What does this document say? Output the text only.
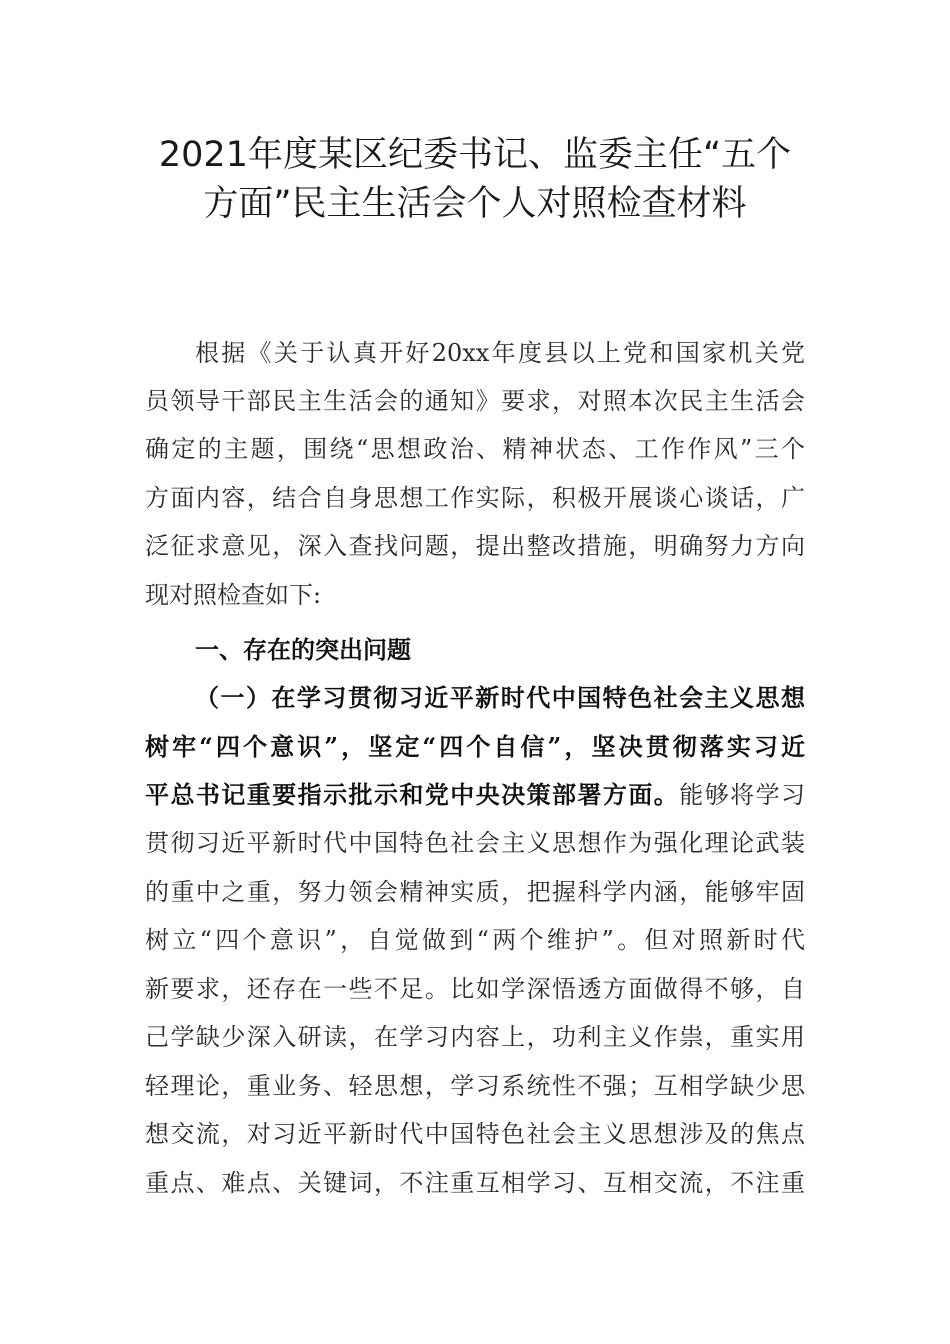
2021年度某区纪委书记、监委主任“五个
方面”民主生活会个人对照检查材料
根据《关于认真开好20xx年度县以上党和国家机关党
员领导干部民主生活会的通知》要求，对照本次民主生活会
确定的主题，围绕“思想政治、精神状态、工作作风”三个
方面内容，结合自身思想工作实际，积极开展谈心谈话，广
泛征求意见，深入查找问题，提出整改措施，明确努力方向
现对照检查如下:
一、存在的突出问题
（一）在学习贯彻习近平新时代中国特色社会主义思想
树牢“四个意识”，坚定“四个自信”，坚决贯彻落实习近
平总书记重要指示批示和党中央决策部署方面。能够将学习
贯彻习近平新时代中国特色社会主义思想作为强化理论武装
的重中之重，努力领会精神实质，把握科学内涵，能够牢固
树立“四个意识”，自觉做到“两个维护”。但对照新时代
新要求，还存在一些不足。比如学深悟透方面做得不够，自
己学缺少深入研读，在学习内容上，功利主义作祟，重实用
轻理论，重业务、轻思想，学习系统性不强；互相学缺少思
想交流，对习近平新时代中国特色社会主义思想涉及的焦点
重点、难点、关键词，不注重互相学习、互相交流，不注重
